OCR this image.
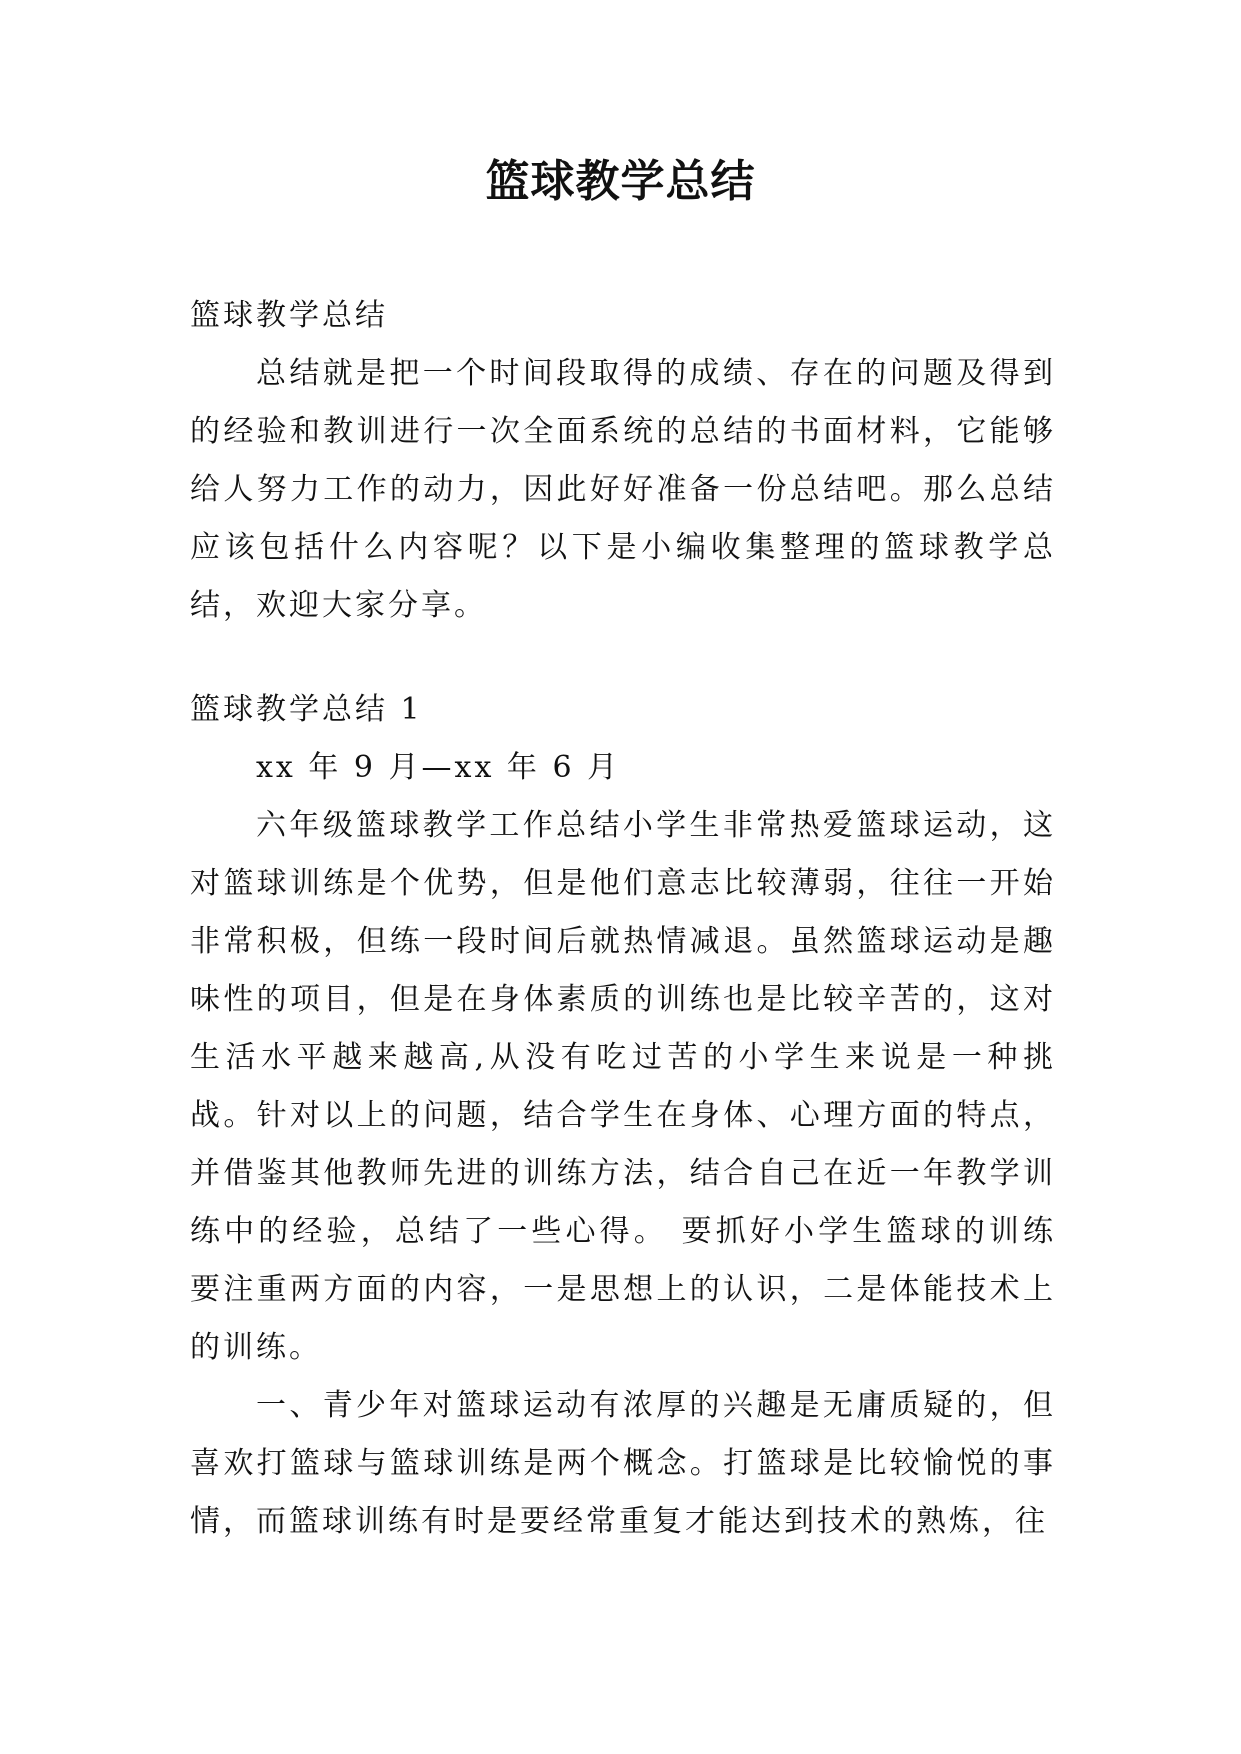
篮球教学总结

篮球教学总结

总结就是把一个时间段取得的成绩、存在的问题及得到的经验和教训进行一次全面系统的总结的书面材料，它能够给人努力工作的动力，因此好好准备一份总结吧。那么总结应该包括什么内容呢？以下是小编收集整理的篮球教学总结，欢迎大家分享。

篮球教学总结 1

xx 年 9 月—xx 年 6 月

六年级篮球教学工作总结小学生非常热爱篮球运动，这对篮球训练是个优势，但是他们意志比较薄弱，往往一开始非常积极，但练一段时间后就热情减退。虽然篮球运动是趣味性的项目，但是在身体素质的训练也是比较辛苦的，这对生活水平越来越高,从没有吃过苦的小学生来说是一种挑战。针对以上的问题，结合学生在身体、心理方面的特点，并借鉴其他教师先进的训练方法，结合自己在近一年教学训练中的经验，总结了一些心得。 要抓好小学生篮球的训练要注重两方面的内容，一是思想上的认识，二是体能技术上的训练。

一、青少年对篮球运动有浓厚的兴趣是无庸质疑的，但喜欢打篮球与篮球训练是两个概念。打篮球是比较愉悦的事情，而篮球训练有时是要经常重复才能达到技术的熟炼，往
